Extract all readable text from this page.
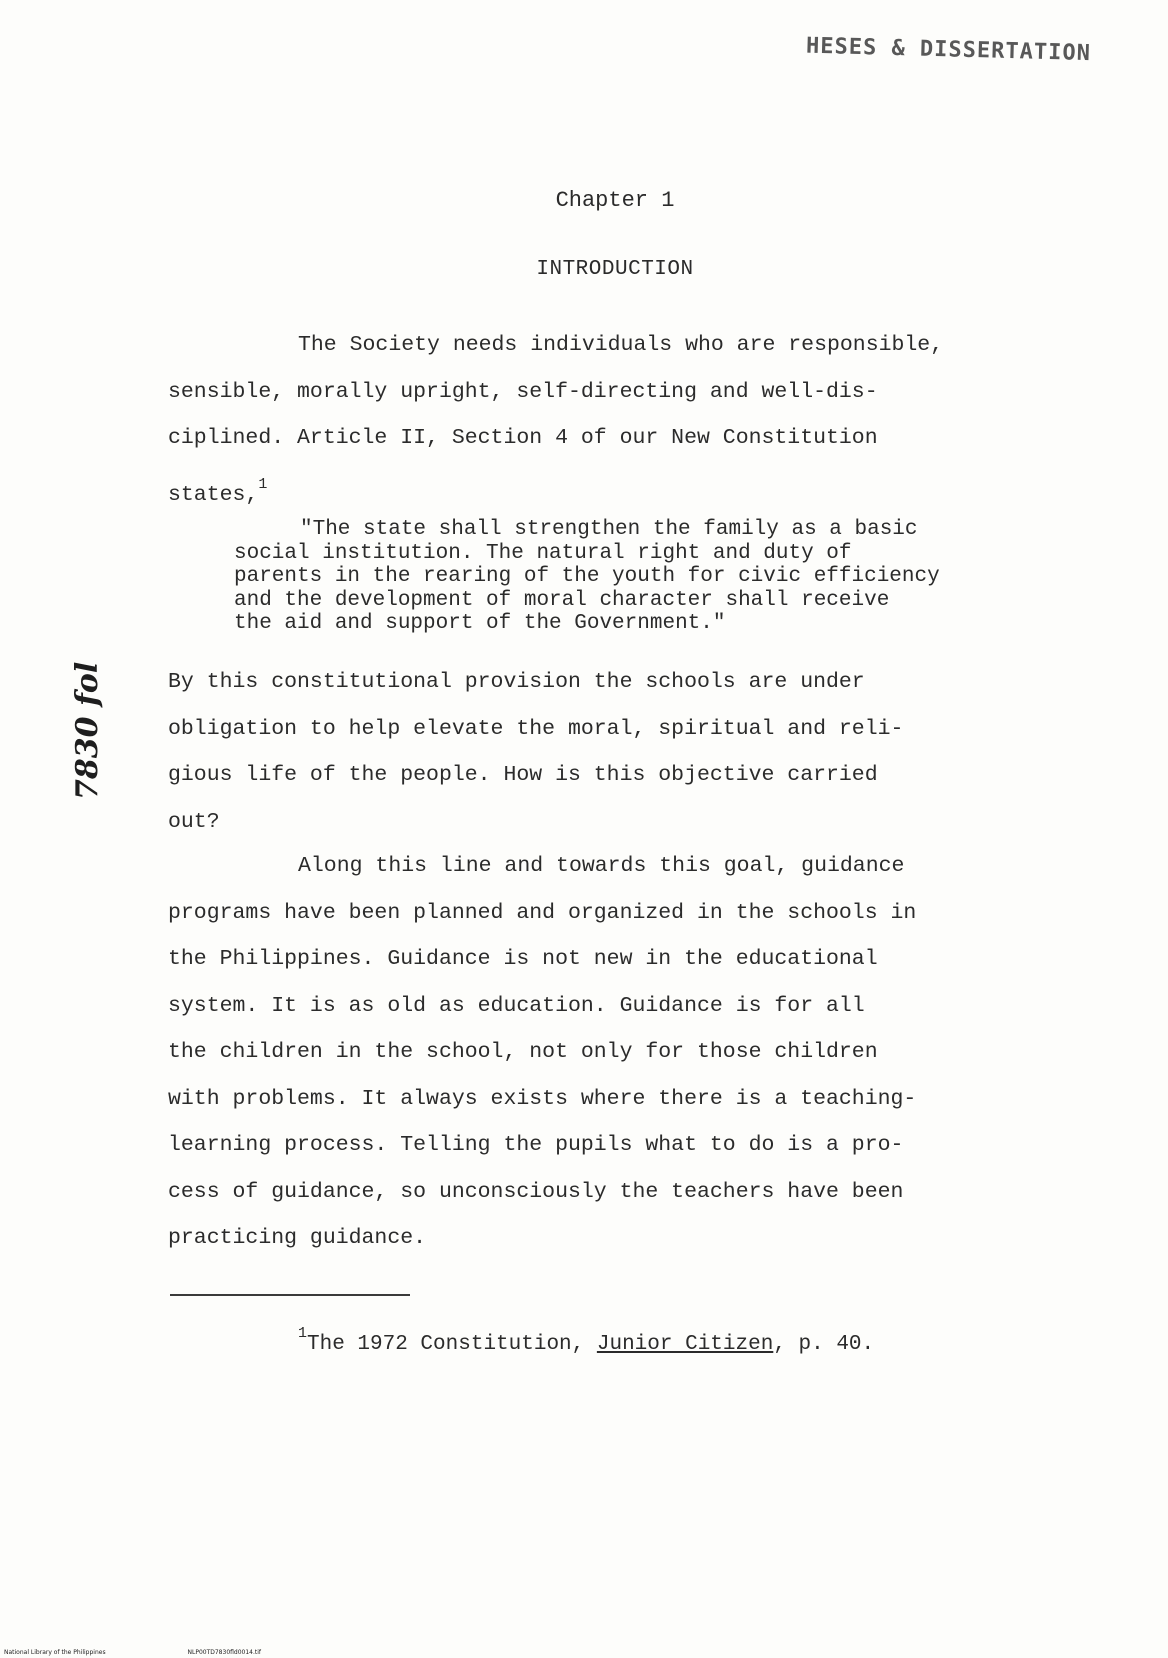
HESES & DISSERTATION
Chapter 1
INTRODUCTION
The Society needs individuals who are responsible,
sensible, morally upright, self-directing and well-dis-
ciplined. Article II, Section 4 of our New Constitution
states,$^1$
"The state shall strengthen the family as a basic
social institution. The natural right and duty of
parents in the rearing of the youth for civic efficiency
and the development of moral character shall receive
the aid and support of the Government."
By this constitutional provision the schools are under
obligation to help elevate the moral, spiritual and reli-
gious life of the people. How is this objective carried
out?
Along this line and towards this goal, guidance
programs have been planned and organized in the schools in
the Philippines. Guidance is not new in the educational
system. It is as old as education. Guidance is for all
the children in the school, not only for those children
with problems. It always exists where there is a teaching-
learning process. Telling the pupils what to do is a pro-
cess of guidance, so unconsciously the teachers have been
practicing guidance.
$^1$The 1972 Constitution, Junior Citizen, p. 40.
7830 fol
National Library of the Philippines	NLP00TD7830fld0014.tif
